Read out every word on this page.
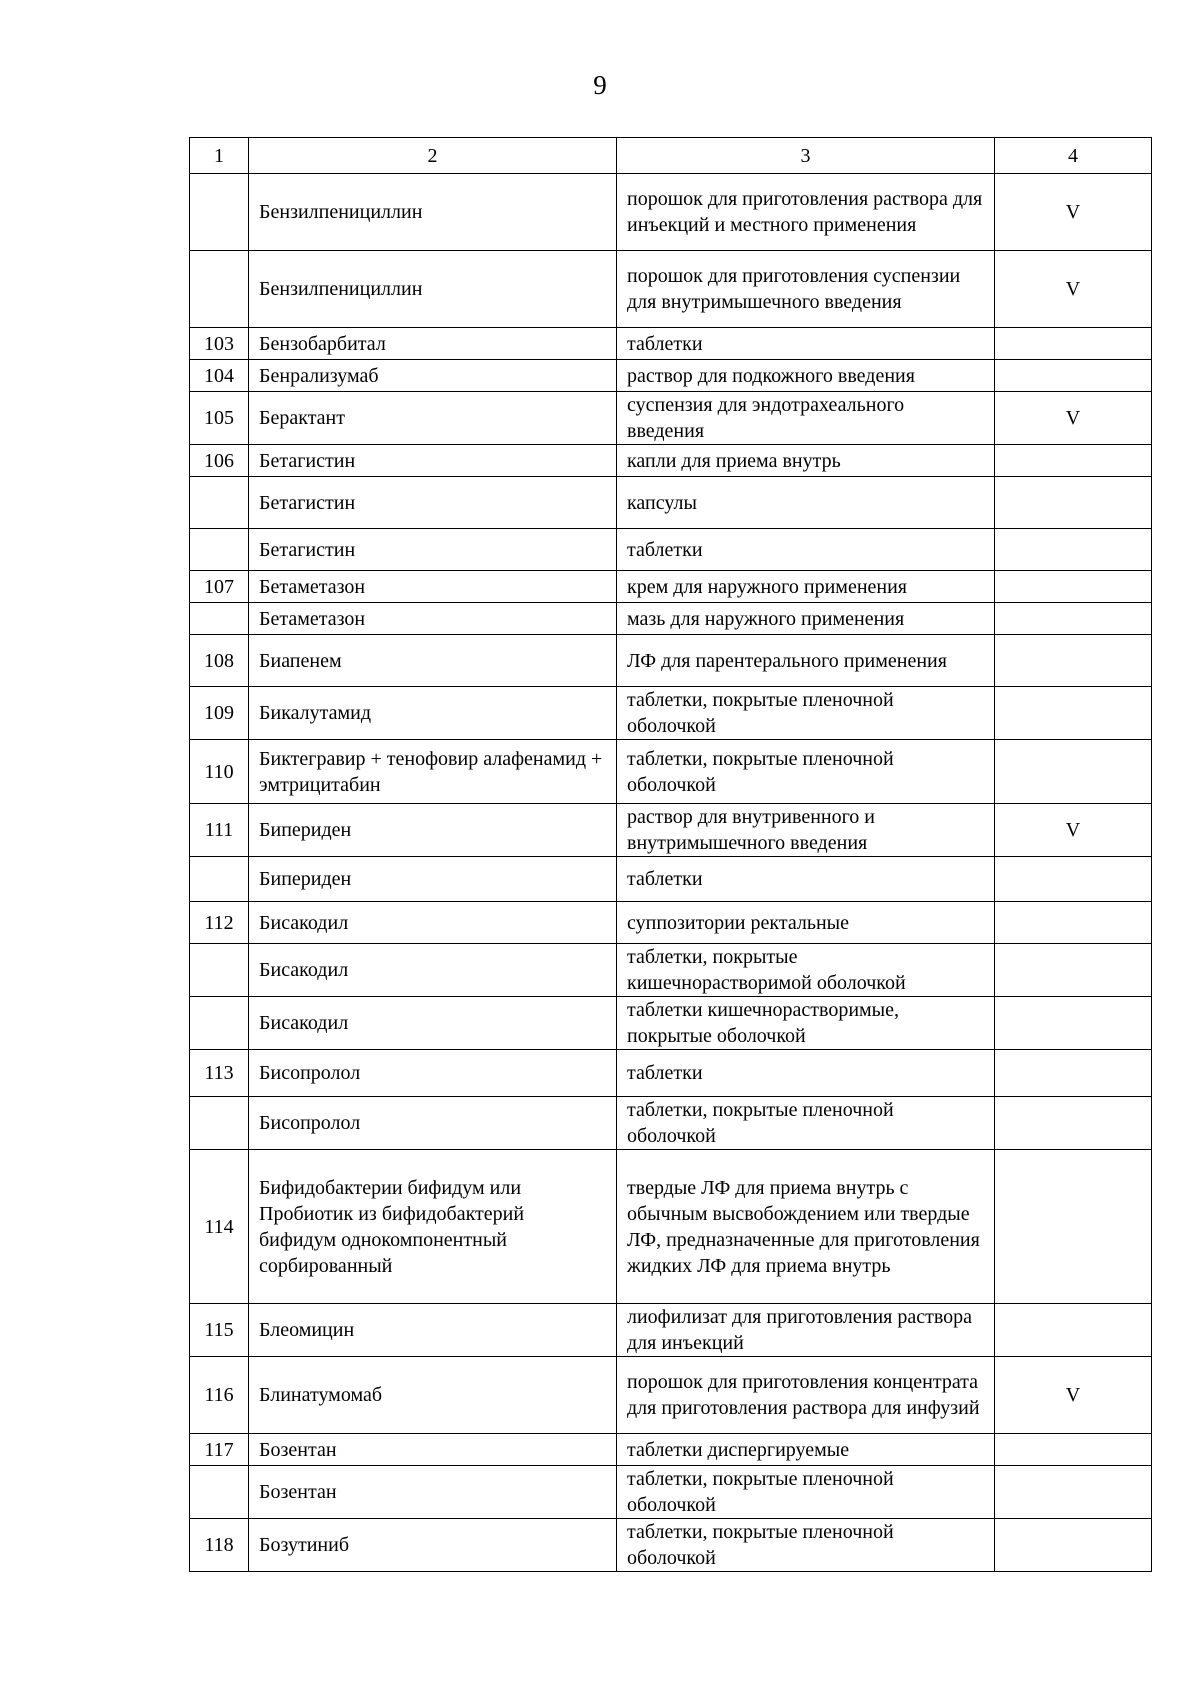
9
1	2	3	4
	Бензилпенициллин	порошок для приготовления раствора для инъекций и местного применения	V
	Бензилпенициллин	порошок для приготовления суспензии для внутримышечного введения	V
103	Бензобарбитал	таблетки	
104	Бенрализумаб	раствор для подкожного введения	
105	Берактант	суспензия для эндотрахеального введения	V
106	Бетагистин	капли для приема внутрь	
	Бетагистин	капсулы	
	Бетагистин	таблетки	
107	Бетаметазон	крем для наружного применения	
	Бетаметазон	мазь для наружного применения	
108	Биапенем	ЛФ для парентерального применения	
109	Бикалутамид	таблетки, покрытые пленочной оболочкой	
110	Биктегравир + тенофовир алафенамид + эмтрицитабин	таблетки, покрытые пленочной оболочкой	
111	Бипериден	раствор для внутривенного и внутримышечного введения	V
	Бипериден	таблетки	
112	Бисакодил	суппозитории ректальные	
	Бисакодил	таблетки, покрытые кишечнорастворимой оболочкой	
	Бисакодил	таблетки кишечнорастворимые, покрытые оболочкой	
113	Бисопролол	таблетки	
	Бисопролол	таблетки, покрытые пленочной оболочкой	
114	Бифидобактерии бифидум или Пробиотик из бифидобактерий бифидум однокомпонентный сорбированный	твердые ЛФ для приема внутрь с обычным высвобождением или твердые ЛФ, предназначенные для приготовления жидких ЛФ для приема внутрь	
115	Блеомицин	лиофилизат для приготовления раствора для инъекций	
116	Блинатумомаб	порошок для приготовления концентрата для приготовления раствора для инфузий	V
117	Бозентан	таблетки диспергируемые	
	Бозентан	таблетки, покрытые пленочной оболочкой	
118	Бозутиниб	таблетки, покрытые пленочной оболочкой	
